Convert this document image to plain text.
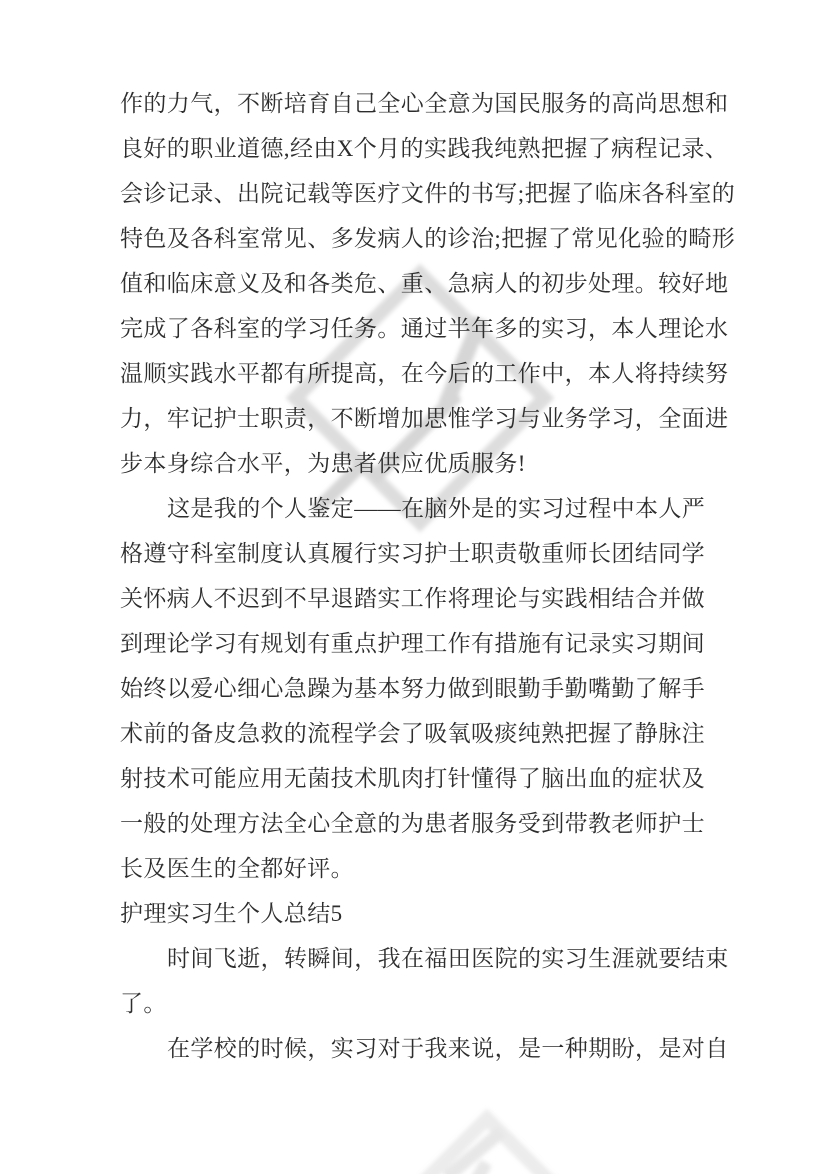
作的力气，不断培育自己全心全意为国民服务的高尚思想和
良好的职业道德,经由X个月的实践我纯熟把握了病程记录、
会诊记录、出院记载等医疗文件的书写;把握了临床各科室的
特色及各科室常见、多发病人的诊治;把握了常见化验的畸形
值和临床意义及和各类危、重、急病人的初步处理。较好地
完成了各科室的学习任务。通过半年多的实习，本人理论水
温顺实践水平都有所提高，在今后的工作中，本人将持续努
力，牢记护士职责，不断增加思惟学习与业务学习，全面进
步本身综合水平，为患者供应优质服务!
这是我的个人鉴定——在脑外是的实习过程中本人严
格遵守科室制度认真履行实习护士职责敬重师长团结同学
关怀病人不迟到不早退踏实工作将理论与实践相结合并做
到理论学习有规划有重点护理工作有措施有记录实习期间
始终以爱心细心急躁为基本努力做到眼勤手勤嘴勤了解手
术前的备皮急救的流程学会了吸氧吸痰纯熟把握了静脉注
射技术可能应用无菌技术肌肉打针懂得了脑出血的症状及
一般的处理方法全心全意的为患者服务受到带教老师护士
长及医生的全都好评。
护理实习生个人总结5
时间飞逝，转瞬间，我在福田医院的实习生涯就要结束
了。
在学校的时候，实习对于我来说，是一种期盼，是对自
